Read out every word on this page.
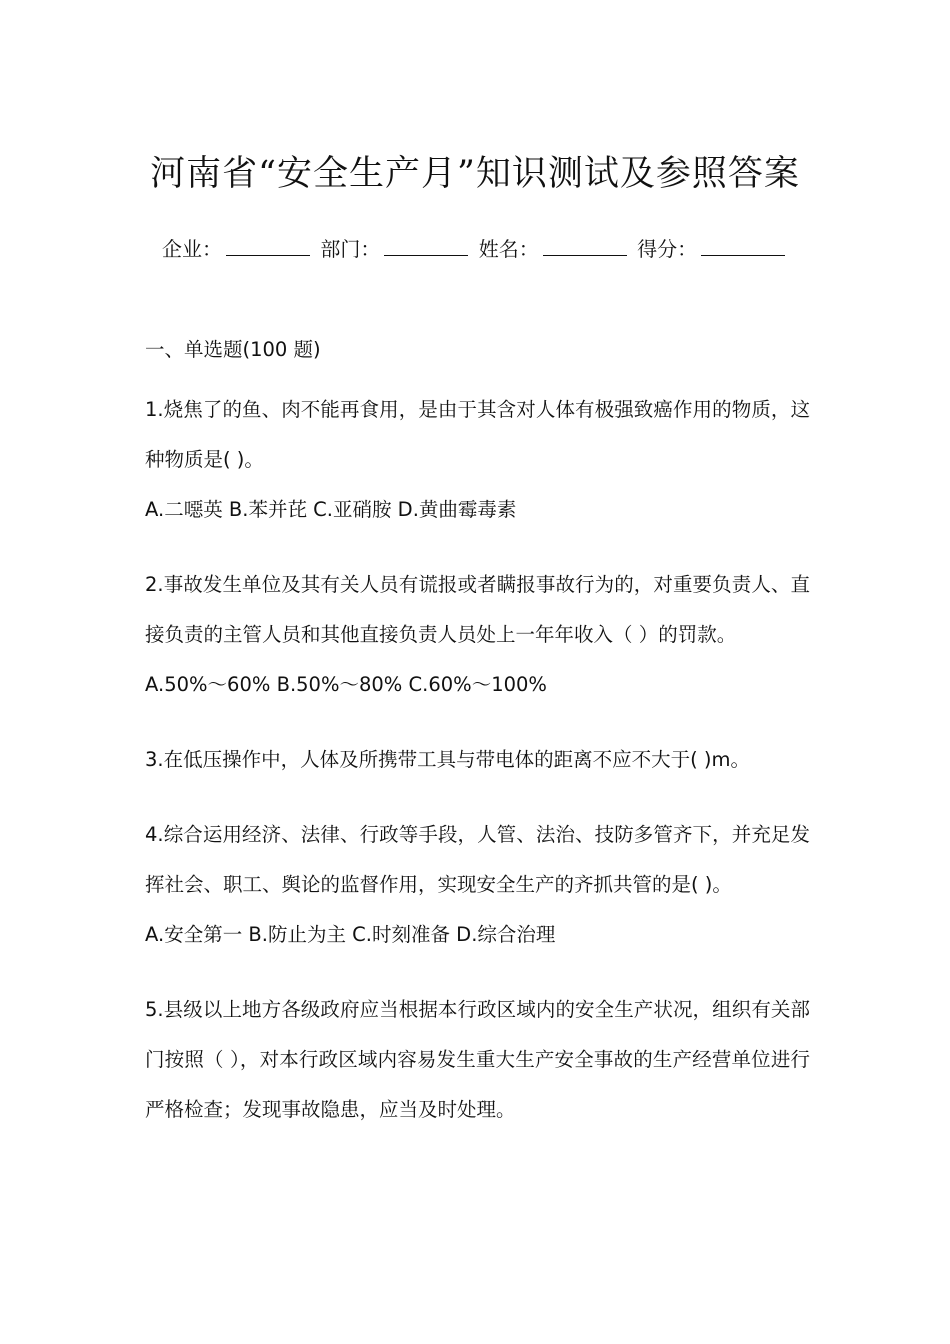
河南省“安全生产月”知识测试及参照答案
企业：	部门：	姓名：	得分：

一、单选题(100 题)

1.烧焦了的鱼、肉不能再食用，是由于其含对人体有极强致癌作用的物质，这种物质是( )。
A.二噁英 B.苯并芘 C.亚硝胺 D.黄曲霉毒素
2.事故发生单位及其有关人员有谎报或者瞒报事故行为的，对重要负责人、直接负责的主管人员和其他直接负责人员处上一年年收入（ ）的罚款。
A.50%～60% B.50%～80% C.60%～100%
3.在低压操作中，人体及所携带工具与带电体的距离不应不大于( )m。
4.综合运用经济、法律、行政等手段，人管、法治、技防多管齐下，并充足发挥社会、职工、舆论的监督作用，实现安全生产的齐抓共管的是( )。
A.安全第一 B.防止为主 C.时刻准备 D.综合治理
5.县级以上地方各级政府应当根据本行政区域内的安全生产状况，组织有关部门按照（ ），对本行政区域内容易发生重大生产安全事故的生产经营单位进行严格检查；发现事故隐患，应当及时处理。
